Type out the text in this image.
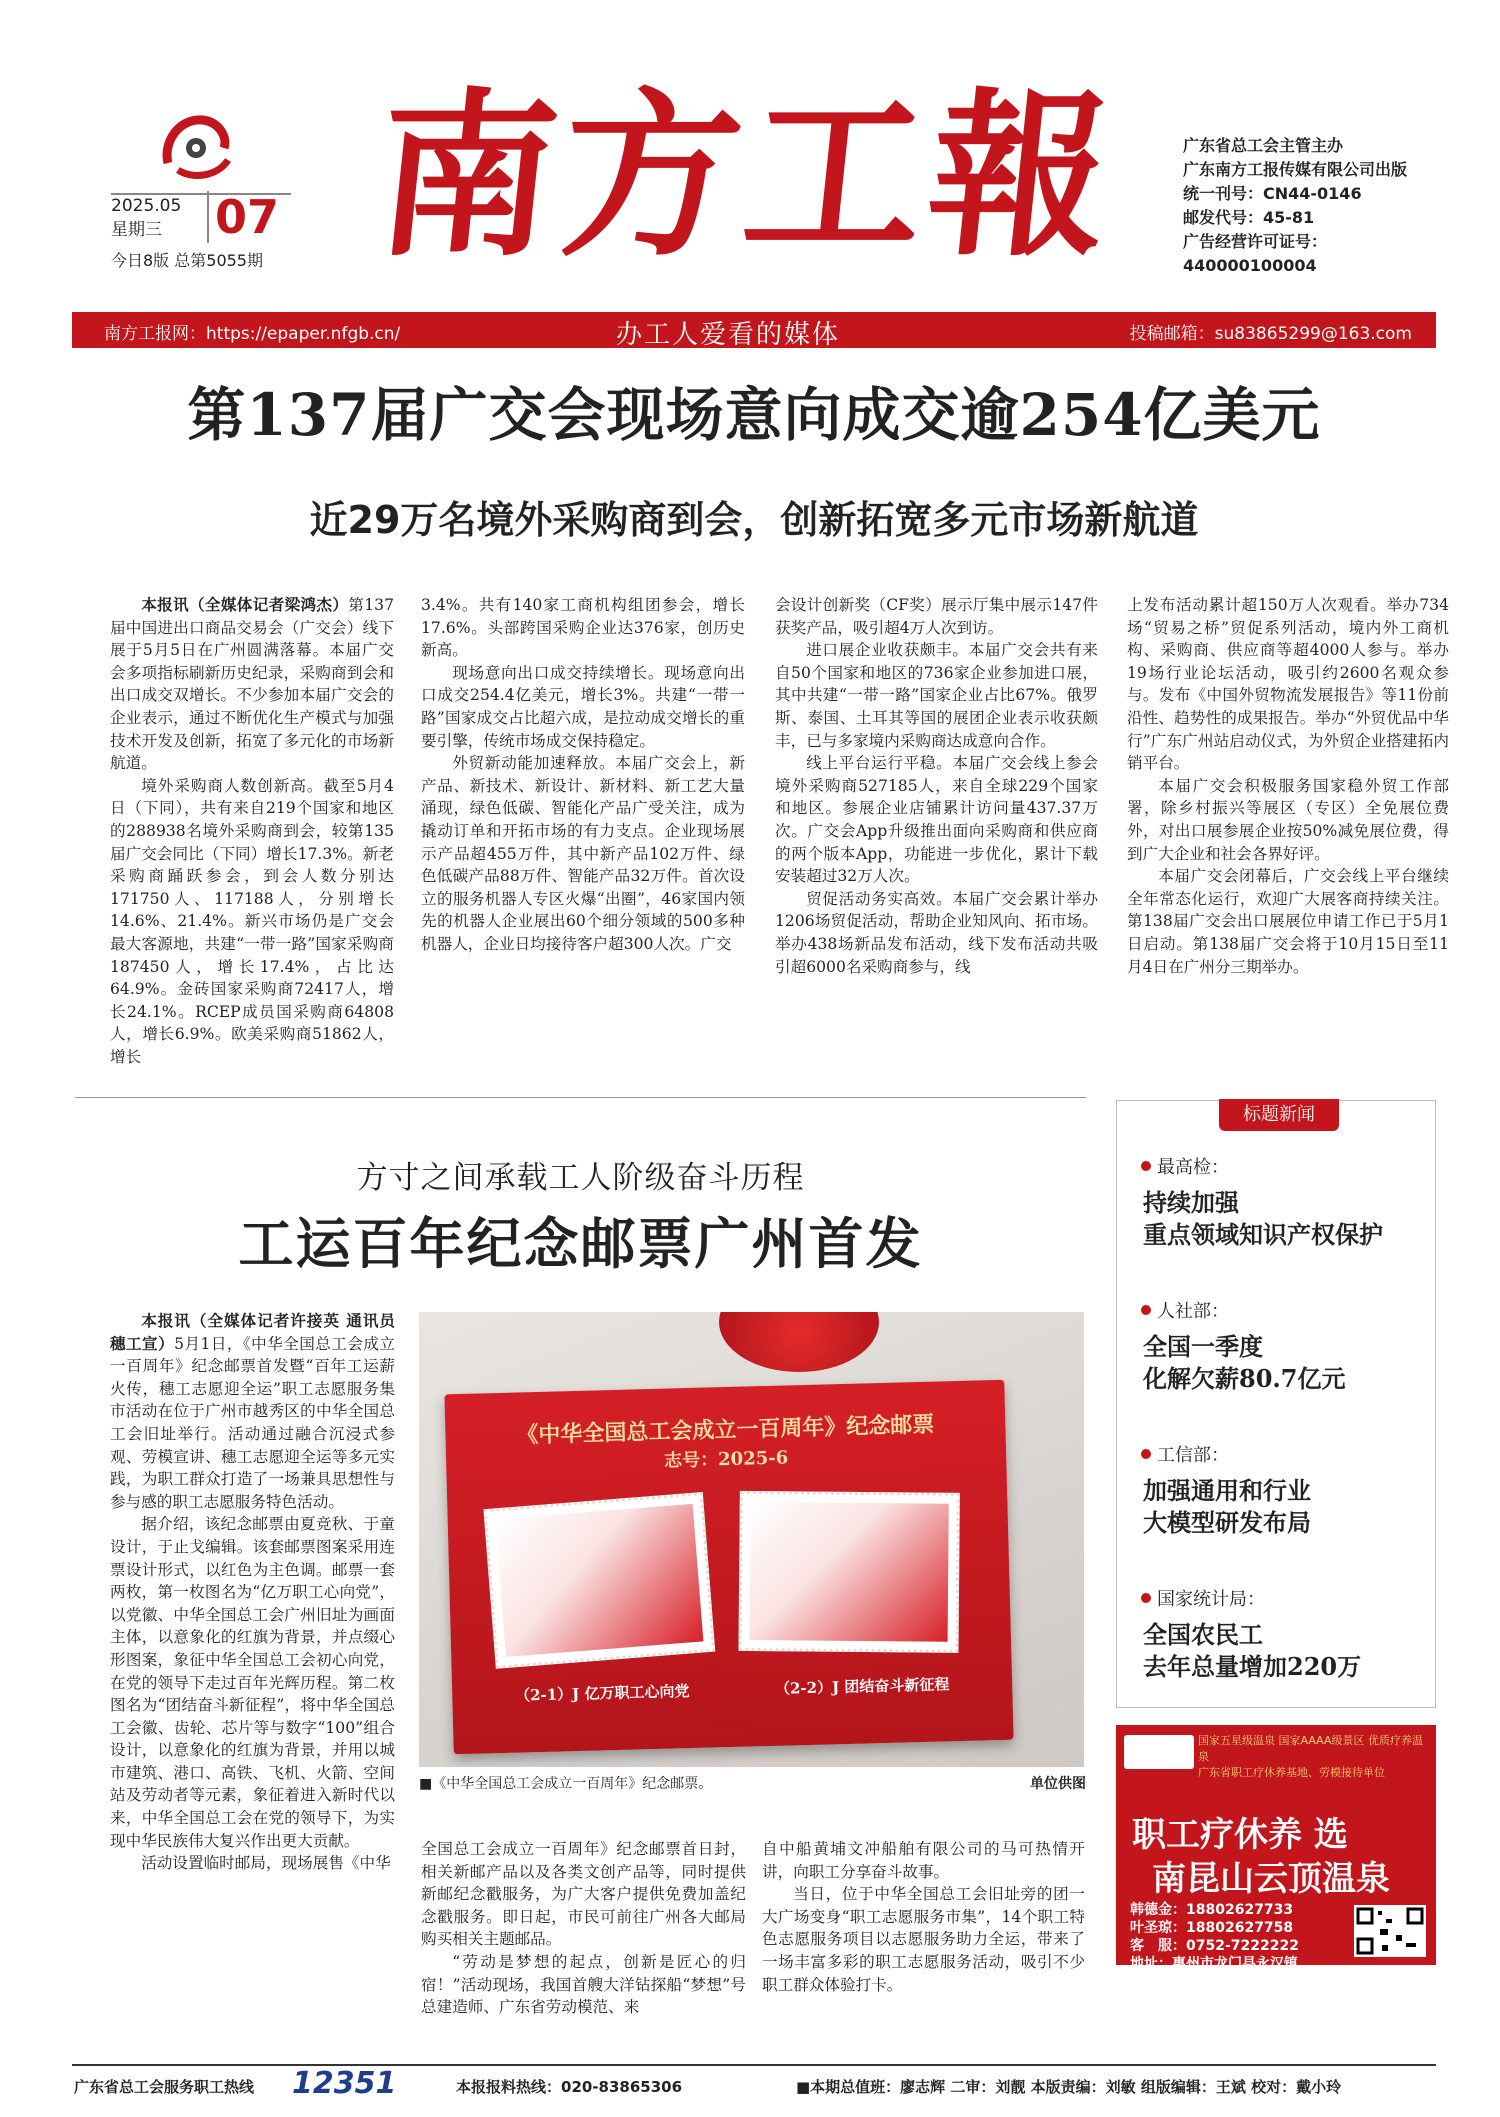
2025.05
星期三 07
今日8版 总第5055期 南方工報	广东省总工会主管主办
广东南方工报传媒有限公司出版
统一刊号：CN44-0146
邮发代号：45-81
广告经营许可证号：
440000100004
南方工报网：https://epaper.nfgb.cn/	办工人爱看的媒体	投稿邮箱：su83865299@163.com
第137届广交会现场意向成交逾254亿美元
近29万名境外采购商到会，创新拓宽多元市场新航道

本报讯（全媒体记者梁鸿杰）第137届中国进出口商品交易会（广交会）线下展于5月5日在广州圆满落幕。本届广交会多项指标刷新历史纪录，采购商到会和出口成交双增长。不少参加本届广交会的企业表示，通过不断优化生产模式与加强技术开发及创新，拓宽了多元化的市场新航道。

境外采购商人数创新高。截至5月4日（下同），共有来自219个国家和地区的288938名境外采购商到会，较第135届广交会同比（下同）增长17.3%。新老采购商踊跃参会，到会人数分别达171750人、117188人，分别增长14.6%、21.4%。新兴市场仍是广交会最大客源地，共建“一带一路”国家采购商187450人，增长17.4%，占比达64.9%。金砖国家采购商72417人，增长24.1%。RCEP成员国采购商64808人，增长6.9%。欧美采购商51862人，增长

3.4%。共有140家工商机构组团参会，增长17.6%。头部跨国采购企业达376家，创历史新高。

现场意向出口成交持续增长。现场意向出口成交254.4亿美元，增长3%。共建“一带一路”国家成交占比超六成，是拉动成交增长的重要引擎，传统市场成交保持稳定。

外贸新动能加速释放。本届广交会上，新产品、新技术、新设计、新材料、新工艺大量涌现，绿色低碳、智能化产品广受关注，成为撬动订单和开拓市场的有力支点。企业现场展示产品超455万件，其中新产品102万件、绿色低碳产品88万件、智能产品32万件。首次设立的服务机器人专区火爆“出圈”，46家国内领先的机器人企业展出60个细分领域的500多种机器人，企业日均接待客户超300人次。广交

会设计创新奖（CF奖）展示厅集中展示147件获奖产品，吸引超4万人次到访。

进口展企业收获颇丰。本届广交会共有来自50个国家和地区的736家企业参加进口展，其中共建“一带一路”国家企业占比67%。俄罗斯、泰国、土耳其等国的展团企业表示收获颇丰，已与多家境内采购商达成意向合作。

线上平台运行平稳。本届广交会线上参会境外采购商527185人，来自全球229个国家和地区。参展企业店铺累计访问量437.37万次。广交会App升级推出面向采购商和供应商的两个版本App，功能进一步优化，累计下载安装超过32万人次。

贸促活动务实高效。本届广交会累计举办1206场贸促活动，帮助企业知风向、拓市场。举办438场新品发布活动，线下发布活动共吸引超6000名采购商参与，线

上发布活动累计超150万人次观看。举办734场“贸易之桥”贸促系列活动，境内外工商机构、采购商、供应商等超4000人参与。举办19场行业论坛活动，吸引约2600名观众参与。发布《中国外贸物流发展报告》等11份前沿性、趋势性的成果报告。举办“外贸优品中华行”广东广州站启动仪式，为外贸企业搭建拓内销平台。

本届广交会积极服务国家稳外贸工作部署，除乡村振兴等展区（专区）全免展位费外，对出口展参展企业按50%减免展位费，得到广大企业和社会各界好评。

本届广交会闭幕后，广交会线上平台继续全年常态化运行，欢迎广大展客商持续关注。第138届广交会出口展展位申请工作已于5月1日启动。第138届广交会将于10月15日至11月4日在广州分三期举办。

方寸之间承载工人阶级奋斗历程
工运百年纪念邮票广州首发

本报讯（全媒体记者许接英 通讯员穗工宣）5月1日，《中华全国总工会成立一百周年》纪念邮票首发暨“百年工运薪火传，穗工志愿迎全运”职工志愿服务集市活动在位于广州市越秀区的中华全国总工会旧址举行。活动通过融合沉浸式参观、劳模宣讲、穗工志愿迎全运等多元实践，为职工群众打造了一场兼具思想性与参与感的职工志愿服务特色活动。

据介绍，该纪念邮票由夏竞秋、于童设计，于止戈编辑。该套邮票图案采用连票设计形式，以红色为主色调。邮票一套两枚，第一枚图名为“亿万职工心向党”，以党徽、中华全国总工会广州旧址为画面主体，以意象化的红旗为背景，并点缀心形图案，象征中华全国总工会初心向党，在党的领导下走过百年光辉历程。第二枚图名为“团结奋斗新征程”，将中华全国总工会徽、齿轮、芯片等与数字“100”组合设计，以意象化的红旗为背景，并用以城市建筑、港口、高铁、飞机、火箭、空间站及劳动者等元素，象征着进入新时代以来，中华全国总工会在党的领导下，为实现中华民族伟大复兴作出更大贡献。

活动设置临时邮局，现场展售《中华

《中华全国总工会成立一百周年》纪念邮票
志号：2025-6
（2-1）J 亿万职工心向党	（2-2）J 团结奋斗新征程
■《中华全国总工会成立一百周年》纪念邮票。	单位供图

全国总工会成立一百周年》纪念邮票首日封，相关新邮产品以及各类文创产品等，同时提供新邮纪念戳服务，为广大客户提供免费加盖纪念戳服务。即日起，市民可前往广州各大邮局购买相关主题邮品。

“劳动是梦想的起点，创新是匠心的归宿！”活动现场，我国首艘大洋钻探船“梦想”号总建造师、广东省劳动模范、来

自中船黄埔文冲船舶有限公司的马可热情开讲，向职工分享奋斗故事。

当日，位于中华全国总工会旧址旁的团一大广场变身“职工志愿服务市集”，14个职工特色志愿服务项目以志愿服务助力全运，带来了一场丰富多彩的职工志愿服务活动，吸引不少职工群众体验打卡。

标题新闻
最高检：
持续加强
重点领域知识产权保护
人社部：
全国一季度
化解欠薪80.7亿元
工信部：
加强通用和行业
大模型研发布局
国家统计局：
全国农民工
去年总量增加220万
国家五星级温泉 国家AAAA级景区 优质疗养温泉
广东省职工疗休养基地、劳模接待单位
职工疗休养 选
南昆山云顶温泉
韩德金：18802627733
叶圣琼：18802627758
客　服：0752-7222222
地址：惠州市龙门县永汉镇
广东省总工会服务职工热线 12351	本报报料热线：020-83865306	■本期总值班：廖志辉 二审：刘靓 本版责编：刘敏 组版编辑：王斌 校对：戴小玲
